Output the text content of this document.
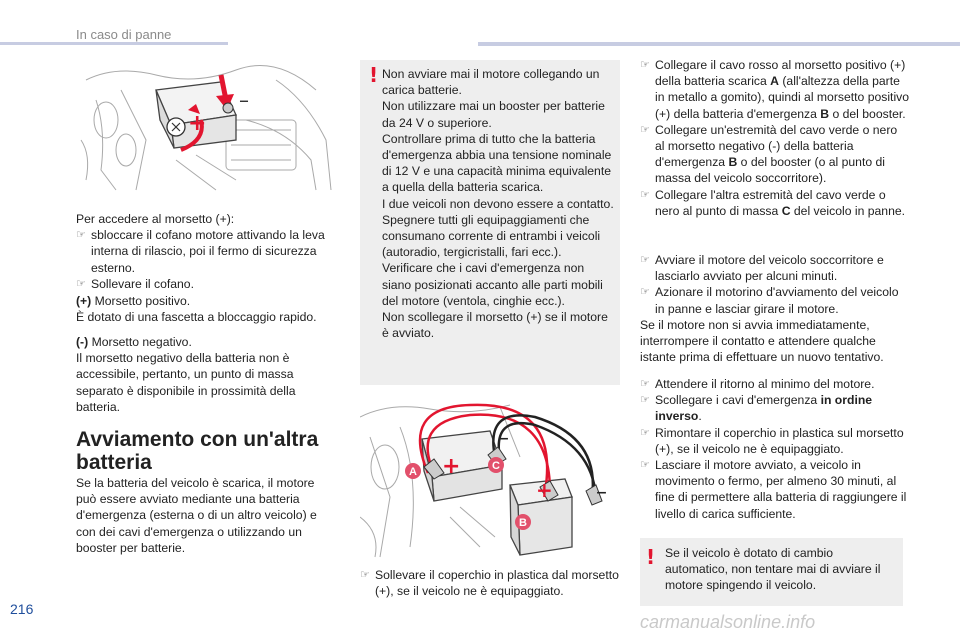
In caso di panne
+
–

Per accedere al morsetto (+):

☞ sbloccare il cofano motore attivando la leva interna di rilascio, poi il fermo di sicurezza esterno.
☞ Sollevare il cofano.

(+) Morsetto positivo.

È dotato di una fascetta a bloccaggio rapido.

(-) Morsetto negativo.

Il morsetto negativo della batteria non è accessibile, pertanto, un punto di massa separato è disponibile in prossimità della batteria.

Avviamento con un'altra batteria
Se la batteria del veicolo è scarica, il motore può essere avviato mediante una batteria d'emergenza (esterna o di un altro veicolo) e con dei cavi d'emergenza o utilizzando un booster per batterie.
! Non avviare mai il motore collegando un carica batterie.

Non utilizzare mai un booster per batterie da 24 V o superiore.

Controllare prima di tutto che la batteria d'emergenza abbia una tensione nominale di 12 V e una capacità minima equivalente a quella della batteria scarica.

I due veicoli non devono essere a contatto.

Spegnere tutti gli equipaggiamenti che consumano corrente di entrambi i veicoli (autoradio, tergicristalli, fari ecc.).

Verificare che i cavi d'emergenza non siano posizionati accanto alle parti mobili del motore (ventola, cinghie ecc.).

Non scollegare il morsetto (+) se il motore è avviato.

+
–
+ –
A	C
B
☞ Sollevare il coperchio in plastica dal morsetto (+), se il veicolo ne è equipaggiato.
☞ Collegare il cavo rosso al morsetto positivo (+) della batteria scarica A (all'altezza della parte in metallo a gomito), quindi al morsetto positivo (+) della batteria d'emergenza B o del booster.
☞ Collegare un'estremità del cavo verde o nero al morsetto negativo (-) della batteria d'emergenza B o del booster (o al punto di massa del veicolo soccorritore).
☞ Collegare l'altra estremità del cavo verde o nero al punto di massa C del veicolo in panne.
☞ Avviare il motore del veicolo soccorritore e lasciarlo avviato per alcuni minuti.
☞ Azionare il motorino d'avviamento del veicolo in panne e lasciar girare il motore.

Se il motore non si avvia immediatamente, interrompere il contatto e attendere qualche istante prima di effettuare un nuovo tentativo.

☞ Attendere il ritorno al minimo del motore.
☞ Scollegare i cavi d'emergenza in ordine inverso.
☞ Rimontare il coperchio in plastica sul morsetto (+), se il veicolo ne è equipaggiato.
☞ Lasciare il motore avviato, a veicolo in movimento o fermo, per almeno 30 minuti, al fine di permettere alla batteria di raggiungere il livello di carica sufficiente.
! Se il veicolo è dotato di cambio automatico, non tentare mai di avviare il motore spingendo il veicolo.
216
carmanualsonline.info
